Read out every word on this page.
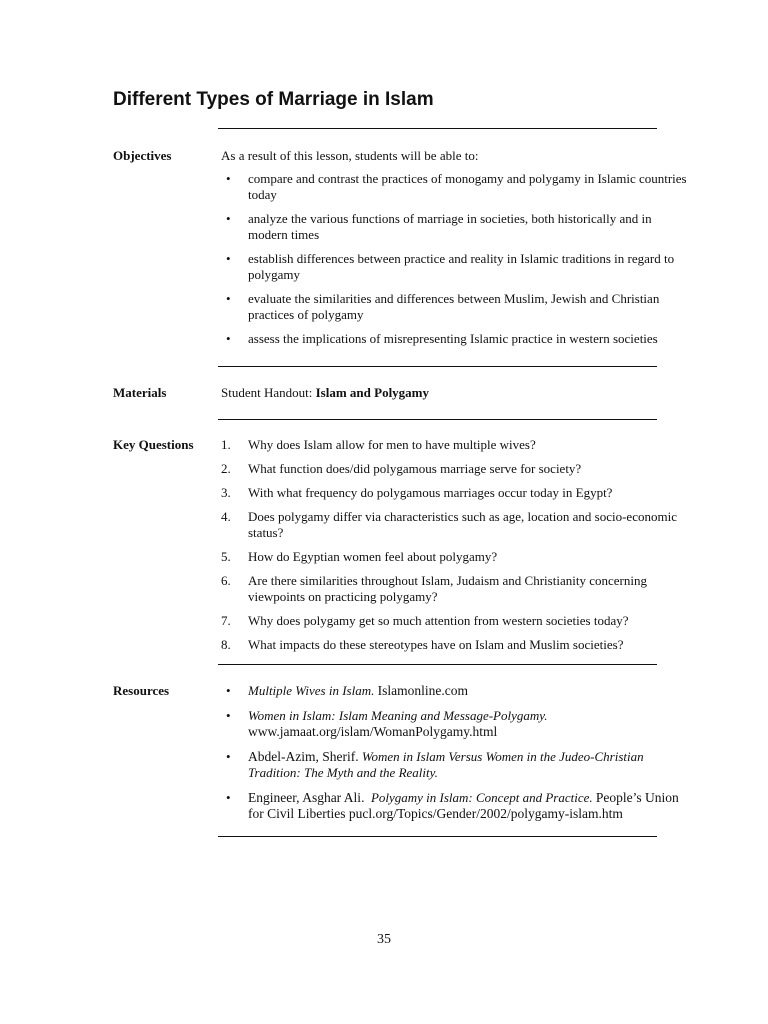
Different Types of Marriage in Islam
Objectives	As a result of this lesson, students will be able to:
•	compare and contrast the practices of monogamy and polygamy in Islamic countries today
•	analyze the various functions of marriage in societies, both historically and in modern times
•	establish differences between practice and reality in Islamic traditions in regard to polygamy
•	evaluate the similarities and differences between Muslim, Jewish and Christian practices of polygamy
•	assess the implications of misrepresenting Islamic practice in western societies
Materials	Student Handout: Islam and Polygamy
Key Questions 1.	Why does Islam allow for men to have multiple wives?
2.	What function does/did polygamous marriage serve for society?
3.	With what frequency do polygamous marriages occur today in Egypt?
4.	Does polygamy differ via characteristics such as age, location and socio-economic status?
5.	How do Egyptian women feel about polygamy?
6.	Are there similarities throughout Islam, Judaism and Christianity concerning viewpoints on practicing polygamy?
7.	Why does polygamy get so much attention from western societies today?
8.	What impacts do these stereotypes have on Islam and Muslim societies?
Resources	•	Multiple Wives in Islam. Islamonline.com
•	Women in Islam: Islam Meaning and Message-Polygamy.
www.jamaat.org/islam/WomanPolygamy.html
•	Abdel-Azim, Sherif. Women in Islam Versus Women in the Judeo-Christian Tradition: The Myth and the Reality.
•	Engineer, Asghar Ali. Polygamy in Islam: Concept and Practice. People’s Union for Civil Liberties pucl.org/Topics/Gender/2002/polygamy-islam.htm
35
